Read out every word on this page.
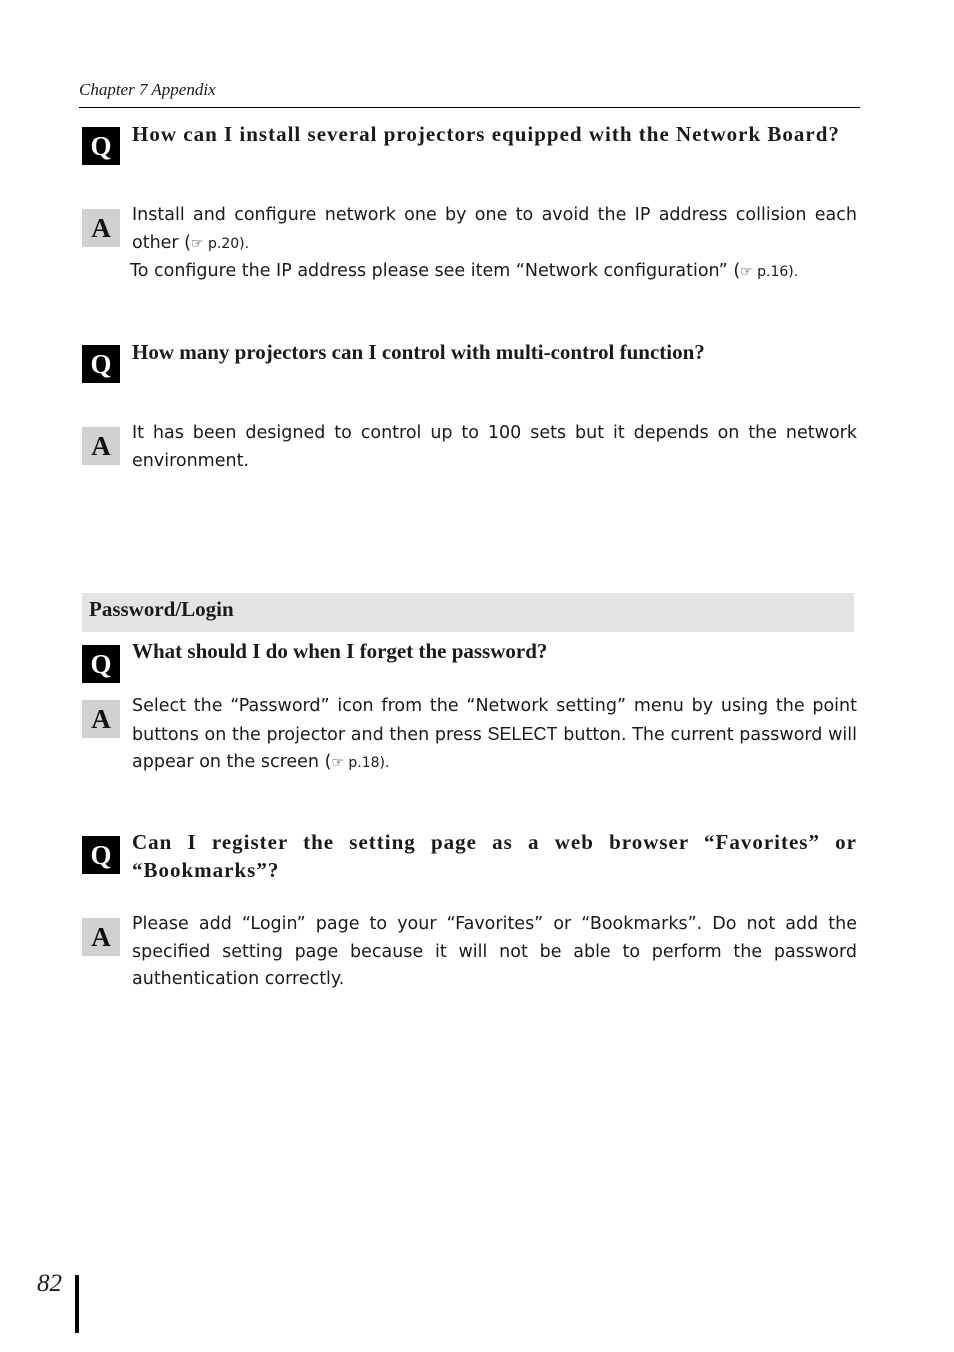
Chapter 7 Appendix
Q How can I install several projectors equipped with the Network Board?
A	Install and configure network one by one to avoid the IP address collision each other (☞ p.20).

To configure the IP address please see item “Network configuration” (☞ p.16).

Q How many projectors can I control with multi-control function?
A	It has been designed to control up to 100 sets but it depends on the network environment.
Password/Login
Q What should I do when I forget the password?
A	Select the “Password” icon from the “Network setting” menu by using the point buttons on the projector and then press SELECT button. The current password will appear on the screen (☞ p.18).
Q Can I register the setting page as a web browser “Favorites” or “Bookmarks”?
A	Please add “Login” page to your “Favorites” or “Bookmarks”. Do not add the specified setting page because it will not be able to perform the password authentication correctly.
82
